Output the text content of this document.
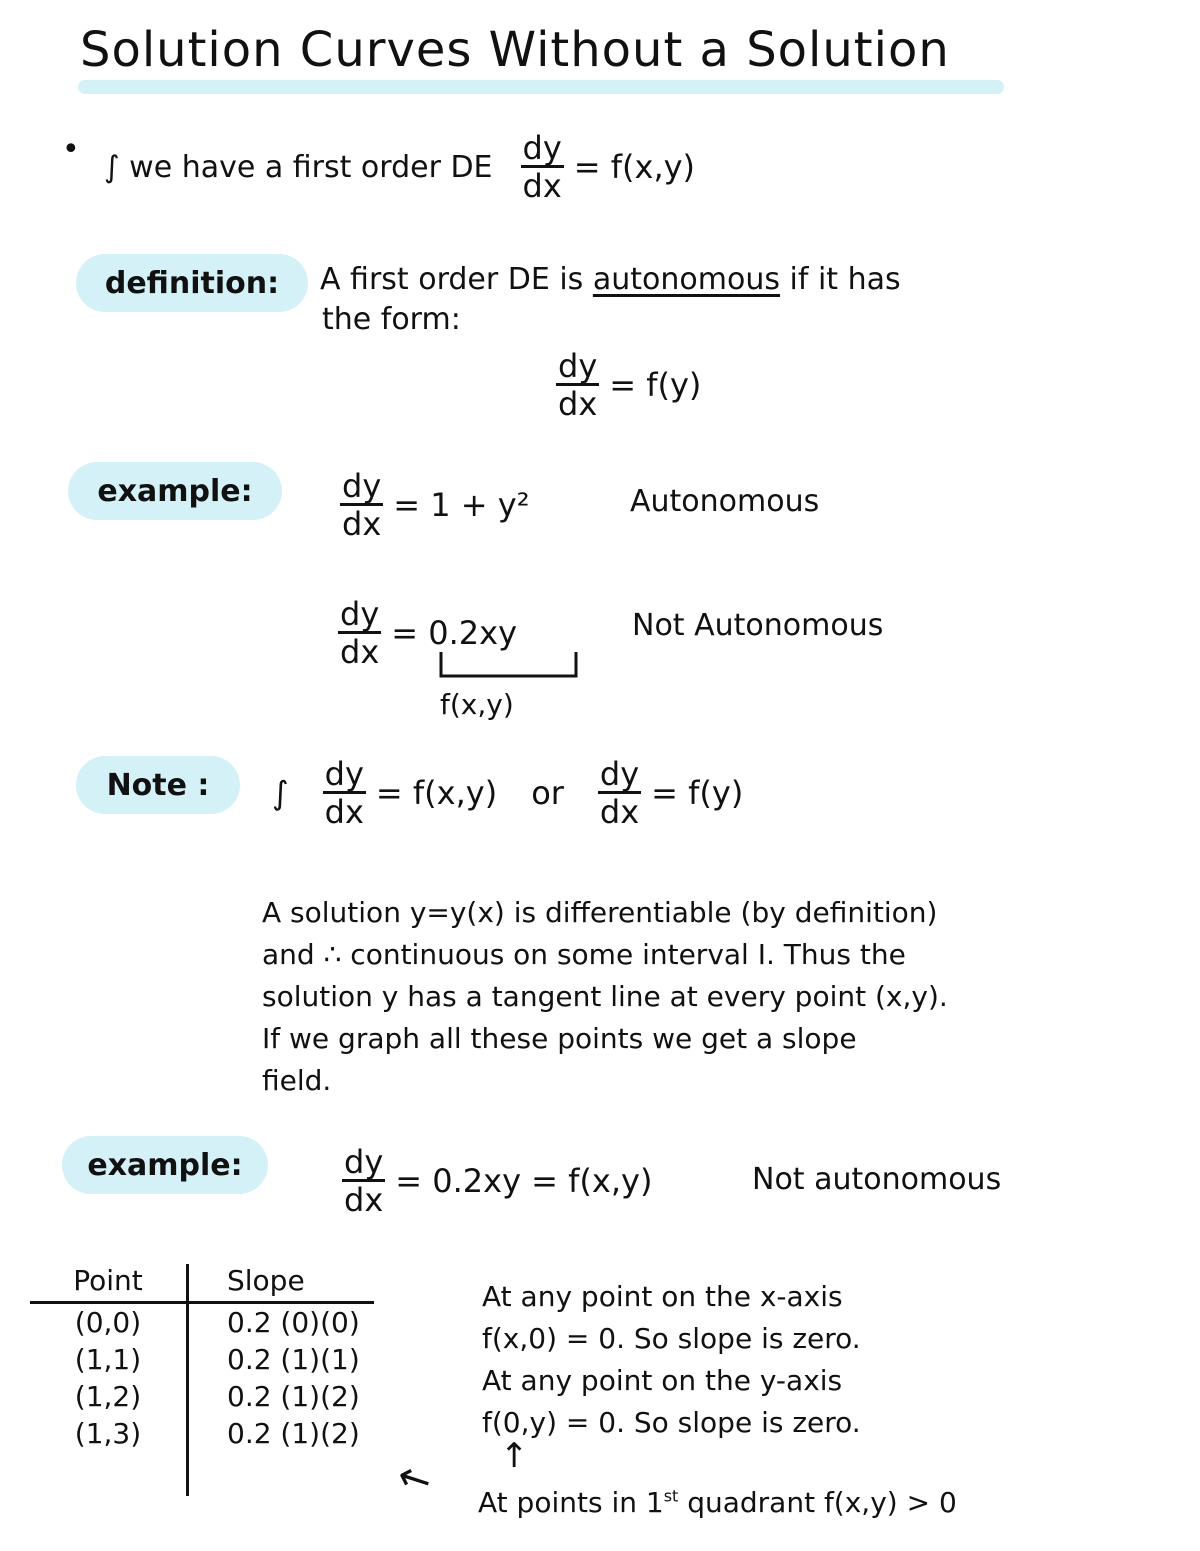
Solution Curves Without a Solution
• ∫ we have a first order DE $\frac{dy}{dx} = f(x,y)$
definition:	A first order DE is autonomous if it has
the form:
$\frac{dy}{dx} = f(y)$
example:	$\frac{dy}{dx} = 1 + y^2$	Autonomous
$\frac{dy}{dx} = 0.2xy$
f(x,y)
Not Autonomous
Note :	∫ $\frac{dy}{dx} = f(x,y)$ or $\frac{dy}{dx} = f(y)$
A solution y=y(x) is differentiable (by definition)
and ∴ continuous on some interval I. Thus the
solution y has a tangent line at every point (x,y).
If we graph all these points we get a slope
field.
example:	$\frac{dy}{dx} = 0.2xy = f(x,y)$	Not autonomous
Point	Slope
(0,0)	0.2 (0)(0)
(1,1)	0.2 (1)(1)
(1,2)	0.2 (1)(2)
(1,3)	0.2 (1)(2)
At any point on the x-axis
f(x,0) = 0. So slope is zero.
At any point on the y-axis
f(0,y) = 0. So slope is zero.
↑
← At points in 1st quadrant f(x,y) > 0
